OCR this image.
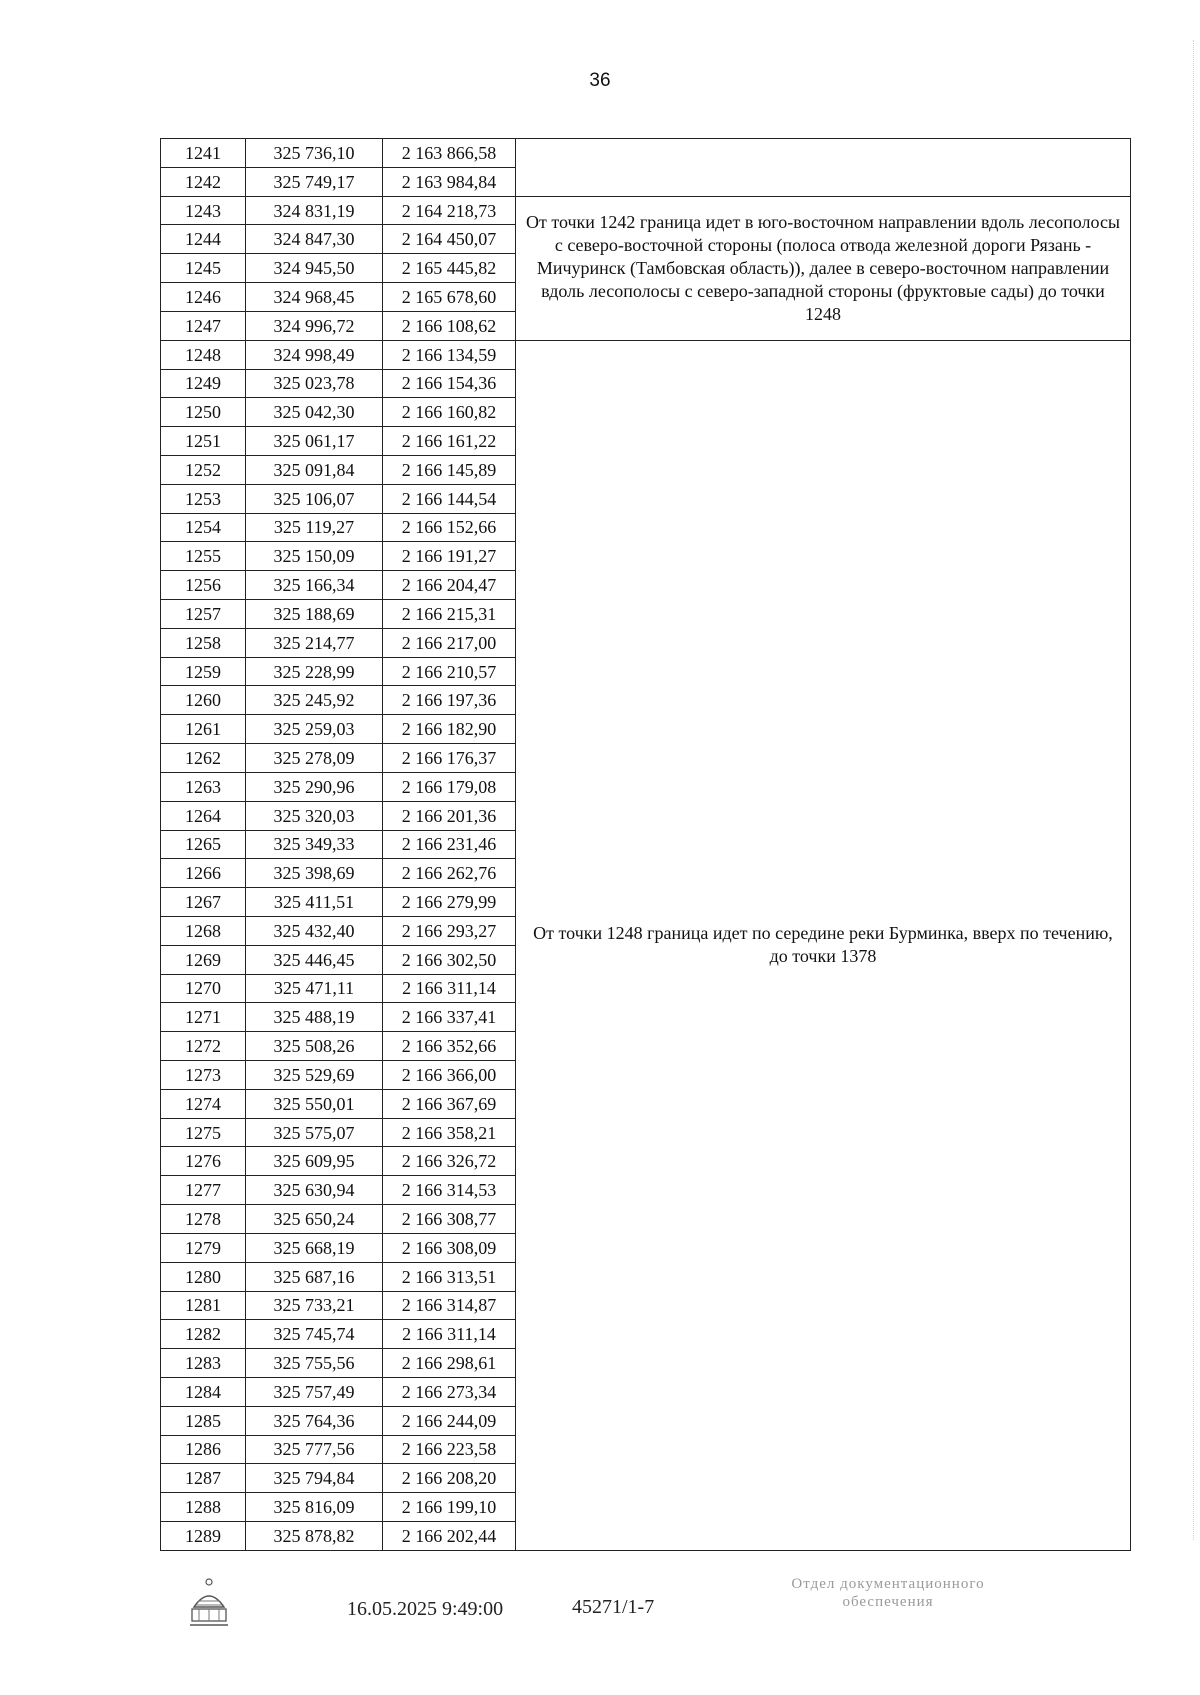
36
1241	325 736,10	2 163 866,58	
1242	325 749,17	2 163 984,84	
1243	324 831,19	2 164 218,73	От точки 1242 граница идет в юго-восточном направлении вдоль лесополосы с северо-восточной стороны (полоса отвода железной дороги Рязань - Мичуринск (Тамбовская область)), далее в северо-восточном направлении вдоль лесополосы с северо-западной стороны (фруктовые сады) до точки 1248
1244	324 847,30	2 164 450,07	
1245	324 945,50	2 165 445,82	
1246	324 968,45	2 165 678,60	
1247	324 996,72	2 166 108,62	
1248	324 998,49	2 166 134,59	От точки 1248 граница идет по середине реки Бурминка, вверх по течению, до точки 1378
1249	325 023,78	2 166 154,36	
1250	325 042,30	2 166 160,82	
1251	325 061,17	2 166 161,22	
1252	325 091,84	2 166 145,89	
1253	325 106,07	2 166 144,54	
1254	325 119,27	2 166 152,66	
1255	325 150,09	2 166 191,27	
1256	325 166,34	2 166 204,47	
1257	325 188,69	2 166 215,31	
1258	325 214,77	2 166 217,00	
1259	325 228,99	2 166 210,57	
1260	325 245,92	2 166 197,36	
1261	325 259,03	2 166 182,90	
1262	325 278,09	2 166 176,37	
1263	325 290,96	2 166 179,08	
1264	325 320,03	2 166 201,36	
1265	325 349,33	2 166 231,46	
1266	325 398,69	2 166 262,76	
1267	325 411,51	2 166 279,99	
1268	325 432,40	2 166 293,27	
1269	325 446,45	2 166 302,50	
1270	325 471,11	2 166 311,14	
1271	325 488,19	2 166 337,41	
1272	325 508,26	2 166 352,66	
1273	325 529,69	2 166 366,00	
1274	325 550,01	2 166 367,69	
1275	325 575,07	2 166 358,21	
1276	325 609,95	2 166 326,72	
1277	325 630,94	2 166 314,53	
1278	325 650,24	2 166 308,77	
1279	325 668,19	2 166 308,09	
1280	325 687,16	2 166 313,51	
1281	325 733,21	2 166 314,87	
1282	325 745,74	2 166 311,14	
1283	325 755,56	2 166 298,61	
1284	325 757,49	2 166 273,34	
1285	325 764,36	2 166 244,09	
1286	325 777,56	2 166 223,58	
1287	325 794,84	2 166 208,20	
1288	325 816,09	2 166 199,10	
1289	325 878,82	2 166 202,44	
16.05.2025 9:49:00	45271/1-7
Отдел документационного
обеспечения
